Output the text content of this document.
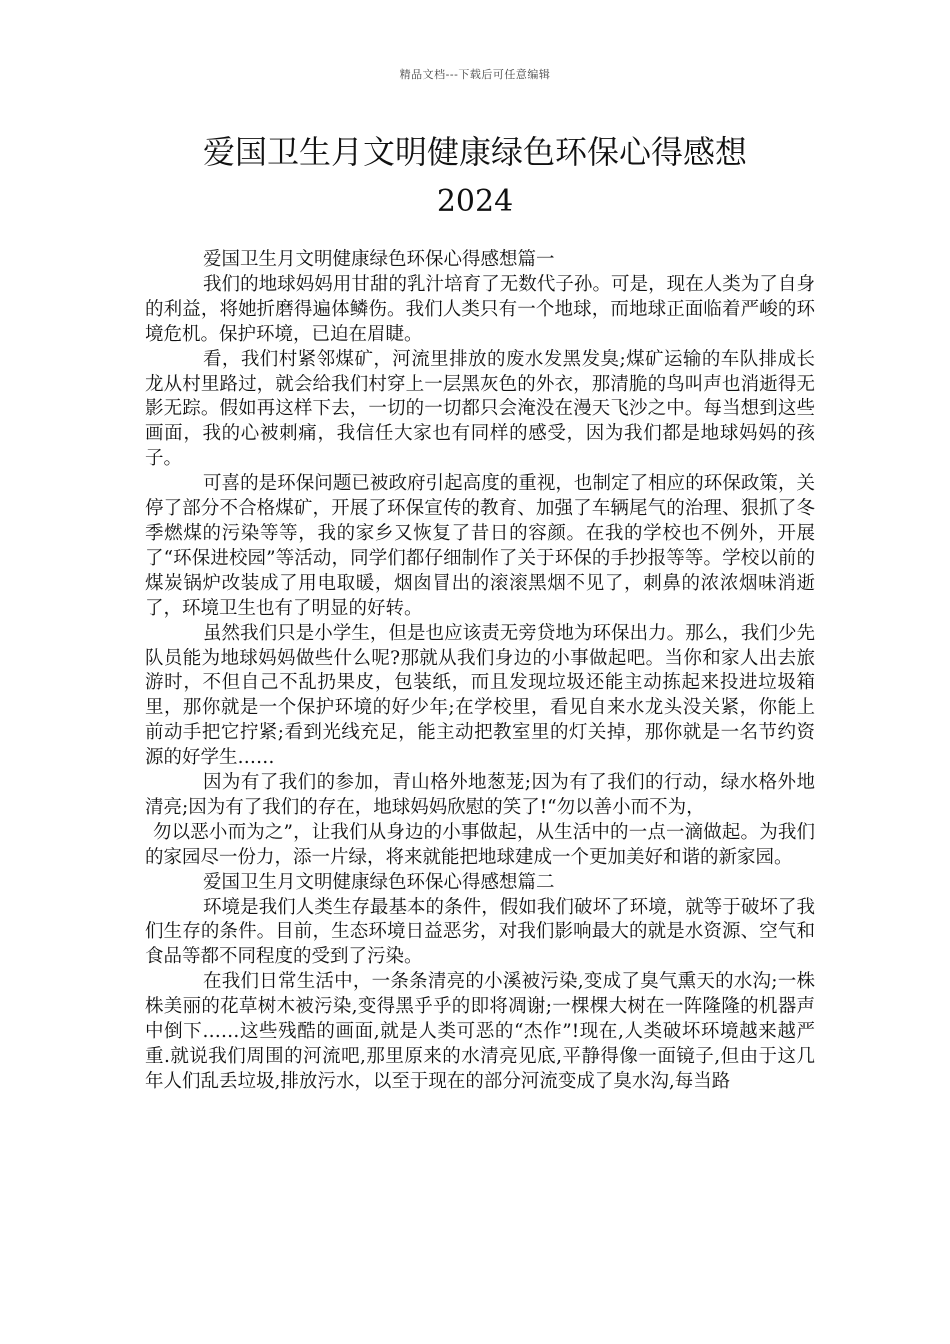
精品文档---下载后可任意编辑
爱国卫生月文明健康绿色环保心得感想
2024

爱国卫生月文明健康绿色环保心得感想篇一

我们的地球妈妈用甘甜的乳汁培育了无数代子孙。可是，现在人类为了自身的利益，将她折磨得遍体鳞伤。我们人类只有一个地球，而地球正面临着严峻的环境危机。保护环境，已迫在眉睫。

看，我们村紧邻煤矿，河流里排放的废水发黑发臭;煤矿运输的车队排成长龙从村里路过，就会给我们村穿上一层黑灰色的外衣，那清脆的鸟叫声也消逝得无影无踪。假如再这样下去，一切的一切都只会淹没在漫天飞沙之中。每当想到这些画面，我的心被刺痛，我信任大家也有同样的感受，因为我们都是地球妈妈的孩子。

可喜的是环保问题已被政府引起高度的重视，也制定了相应的环保政策，关停了部分不合格煤矿，开展了环保宣传的教育、加强了车辆尾气的治理、狠抓了冬季燃煤的污染等等，我的家乡又恢复了昔日的容颜。在我的学校也不例外，开展了“环保进校园”等活动，同学们都仔细制作了关于环保的手抄报等等。学校以前的煤炭锅炉改装成了用电取暖，烟囱冒出的滚滚黑烟不见了，刺鼻的浓浓烟味消逝了，环境卫生也有了明显的好转。

虽然我们只是小学生，但是也应该责无旁贷地为环保出力。那么，我们少先队员能为地球妈妈做些什么呢?那就从我们身边的小事做起吧。当你和家人出去旅游时，不但自己不乱扔果皮，包装纸，而且发现垃圾还能主动拣起来投进垃圾箱里，那你就是一个保护环境的好少年;在学校里，看见自来水龙头没关紧，你能上前动手把它拧紧;看到光线充足，能主动把教室里的灯关掉，那你就是一名节约资源的好学生……

因为有了我们的参加，青山格外地葱茏;因为有了我们的行动，绿水格外地清亮;因为有了我们的存在，地球妈妈欣慰的笑了!“勿以善小而不为，

勿以恶小而为之”，让我们从身边的小事做起，从生活中的一点一滴做起。为我们的家园尽一份力，添一片绿，将来就能把地球建成一个更加美好和谐的新家园。

爱国卫生月文明健康绿色环保心得感想篇二

环境是我们人类生存最基本的条件，假如我们破坏了环境，就等于破坏了我们生存的条件。目前，生态环境日益恶劣，对我们影响最大的就是水资源、空气和食品等都不同程度的受到了污染。

在我们日常生活中，一条条清亮的小溪被污染,变成了臭气熏天的水沟;一株株美丽的花草树木被污染,变得黑乎乎的即将凋谢;一棵棵大树在一阵隆隆的机器声中倒下……这些残酷的画面,就是人类可恶的“杰作”!现在,人类破坏环境越来越严重.就说我们周围的河流吧,那里原来的水清亮见底,平静得像一面镜子,但由于这几年人们乱丢垃圾,排放污水，以至于现在的部分河流变成了臭水沟,每当路
